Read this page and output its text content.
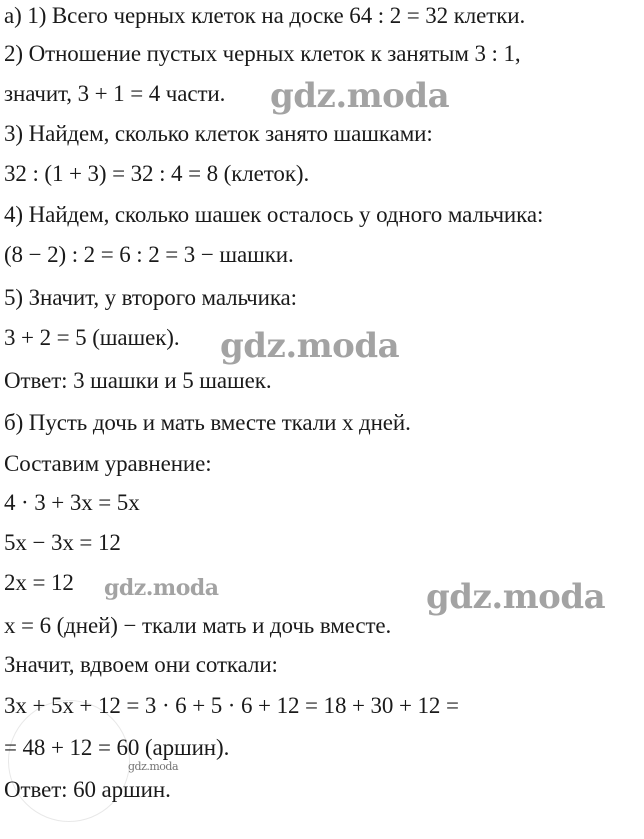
а) 1) Всего черных клеток на доске 64 : 2 = 32 клетки.
2) Отношение пустых черных клеток к занятым 3 : 1,
значит, 3 + 1 = 4 части.
3) Найдем, сколько клеток занято шашками:
32 : (1 + 3) = 32 : 4 = 8 (клеток).
4) Найдем, сколько шашек осталось у одного мальчика:
(8 − 2) : 2 = 6 : 2 = 3 − шашки.
5) Значит, у второго мальчика:
3 + 2 = 5 (шашек).
Ответ: 3 шашки и 5 шашек.
б) Пусть дочь и мать вместе ткали x дней.
Составим уравнение:
4 · 3 + 3x = 5x
5x − 3x = 12
2x = 12
x = 6 (дней) − ткали мать и дочь вместе.
Значит, вдвоем они соткали:
3x + 5x + 12 = 3 · 6 + 5 · 6 + 12 = 18 + 30 + 12 =
= 48 + 12 = 60 (аршин).
Ответ: 60 аршин.
gdz.moda
gdz.moda
gdz.moda	gdz.moda
gdz.moda
